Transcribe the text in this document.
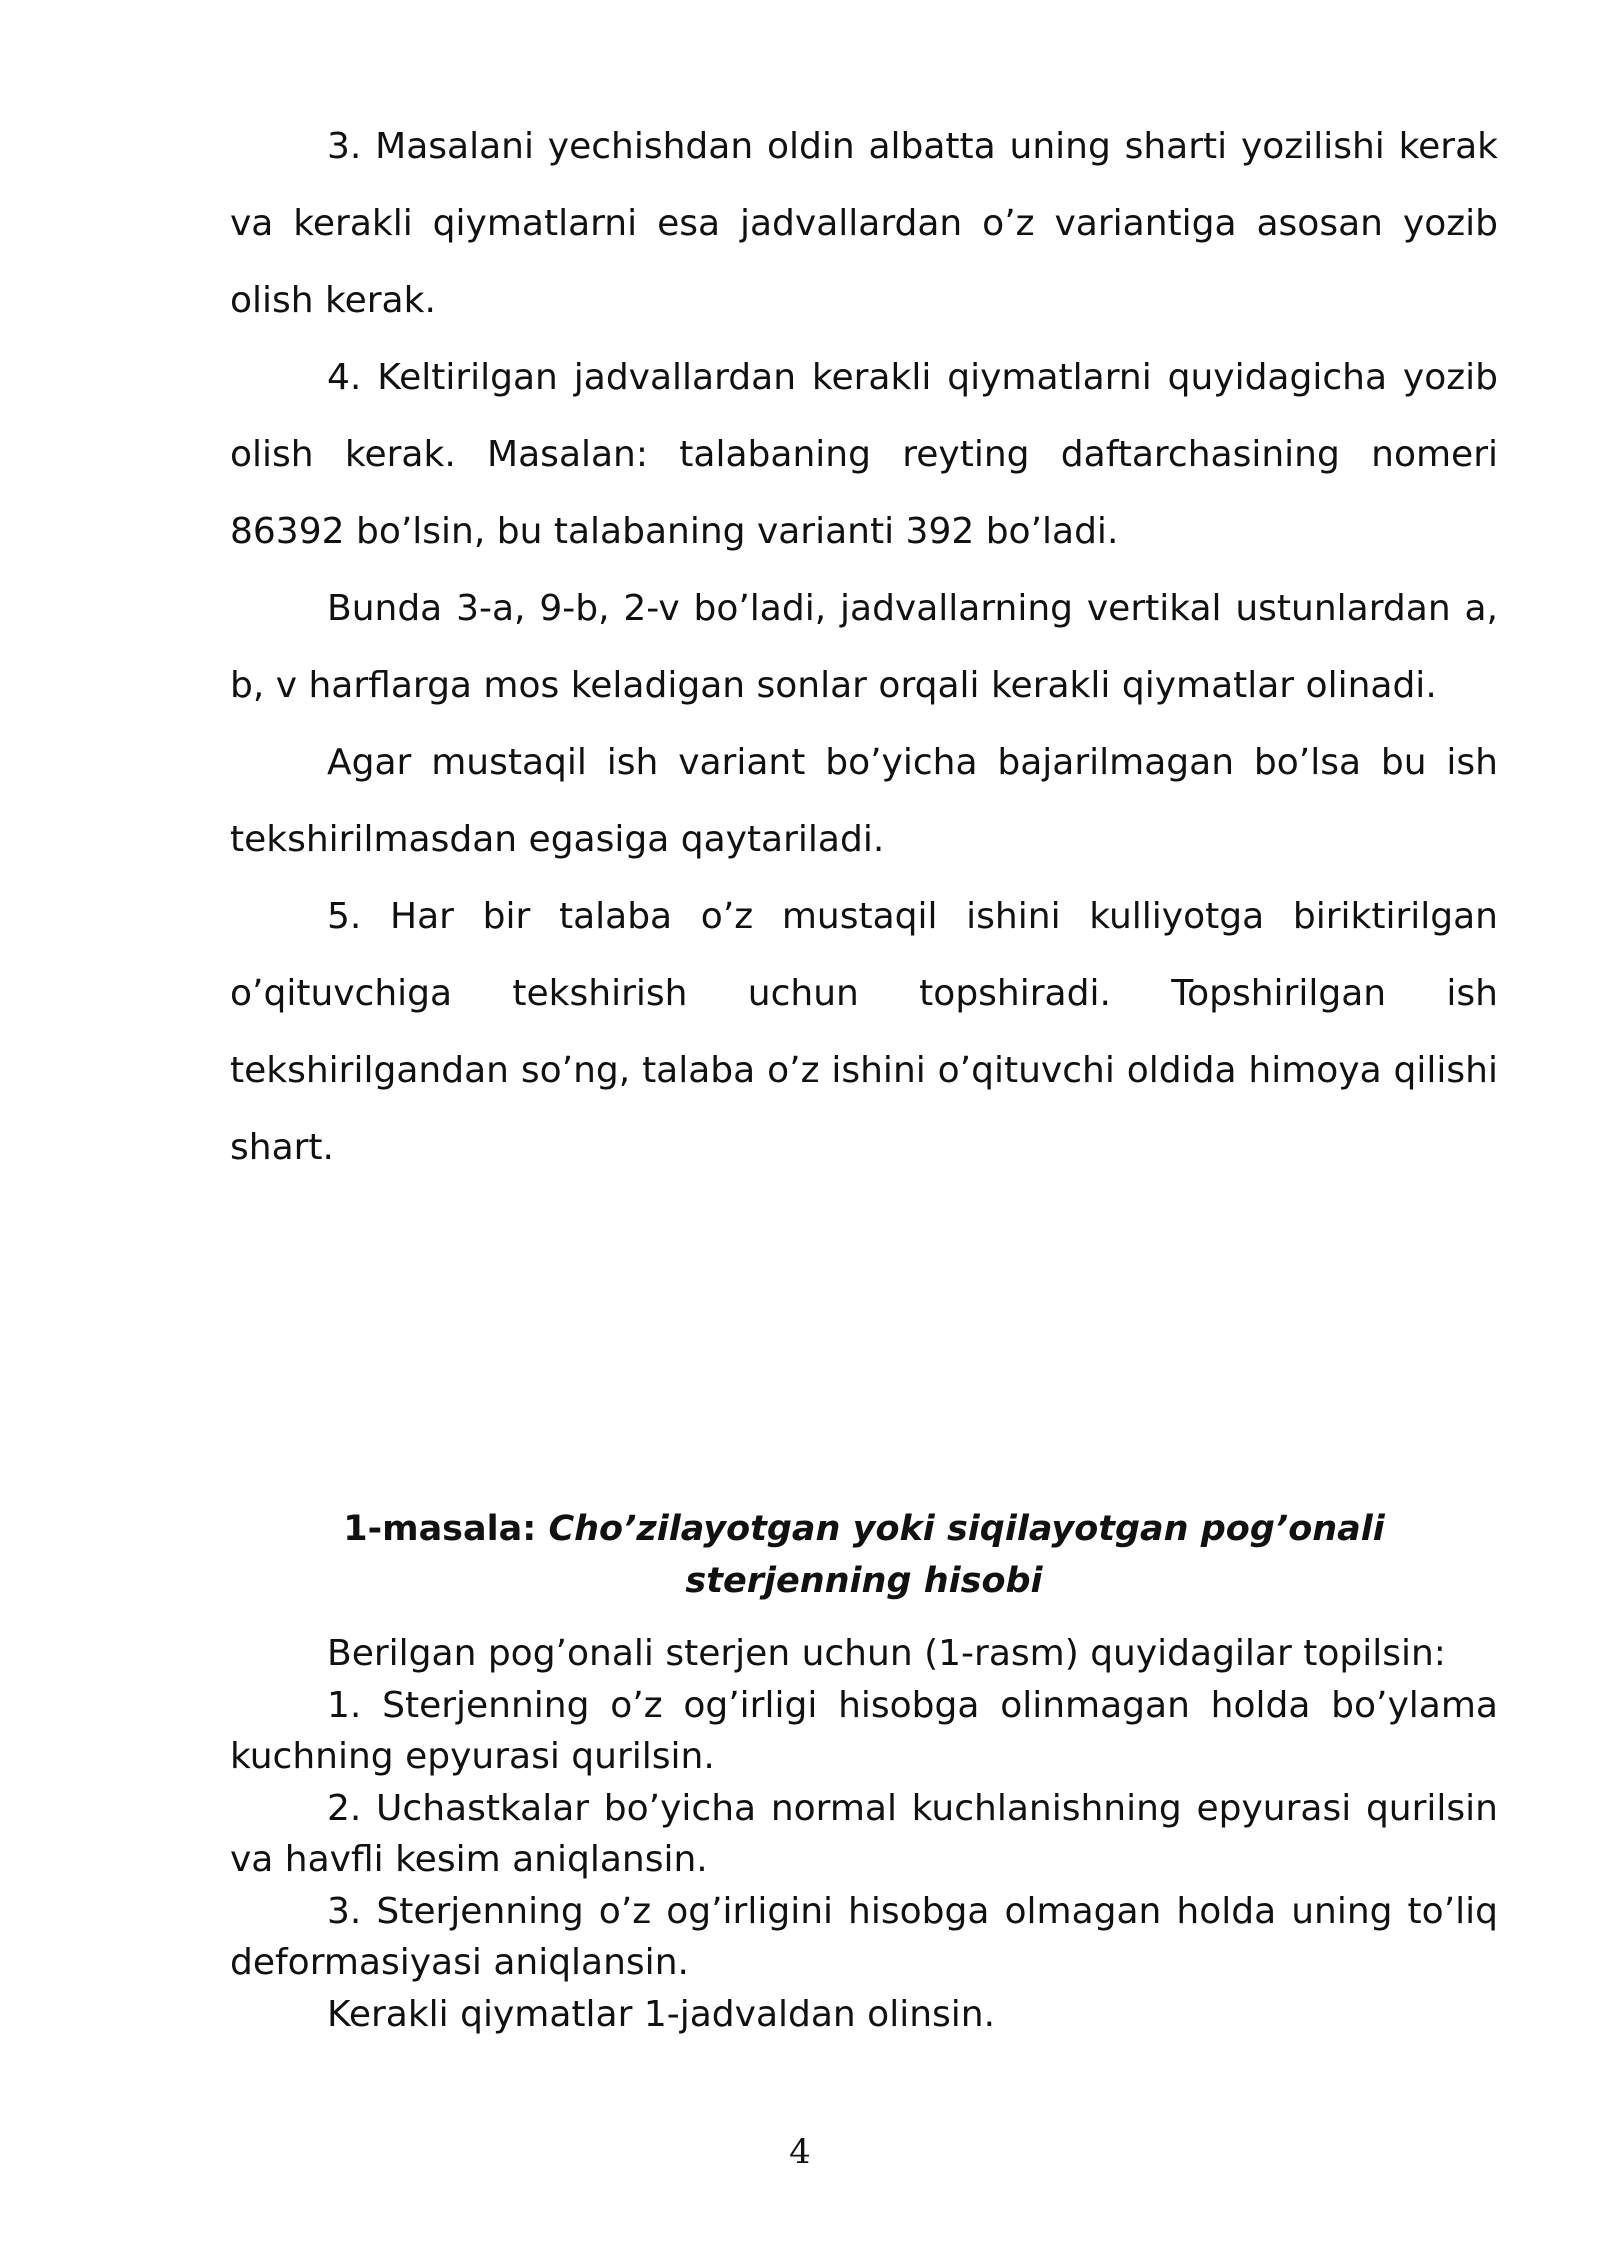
3. Masalani yechishdan oldin albatta uning sharti yozilishi kerak va kerakli qiymatlarni esa jadvallardan o’z variantiga asosan yozib olish kerak.

4. Keltirilgan jadvallardan kerakli qiymatlarni quyidagicha yozib olish kerak. Masalan: talabaning reyting daftarchasining nomeri 86392 bo’lsin, bu talabaning varianti 392 bo’ladi.

Bunda 3-a, 9-b, 2-v bo’ladi, jadvallarning vertikal ustunlardan a, b, v harflarga mos keladigan sonlar orqali kerakli qiymatlar olinadi.

Agar mustaqil ish variant bo’yicha bajarilmagan bo’lsa bu ish tekshirilmasdan egasiga qaytariladi.

5. Har bir talaba o’z mustaqil ishini kulliyotga biriktirilgan o’qituvchiga tekshirish uchun topshiradi. Topshirilgan ish tekshirilgandan so’ng, talaba o’z ishini o’qituvchi oldida himoya qilishi shart.

1-masala: Cho’zilayotgan yoki siqilayotgan pog’onali sterjenning hisobi

Berilgan pog’onali sterjen uchun (1-rasm) quyidagilar topilsin:

1. Sterjenning o’z og’irligi hisobga olinmagan holda bo’ylama kuchning epyurasi qurilsin.

2. Uchastkalar bo’yicha normal kuchlanishning epyurasi qurilsin va havfli kesim aniqlansin.

3. Sterjenning o’z og’irligini hisobga olmagan holda uning to’liq deformasiyasi aniqlansin.

Kerakli qiymatlar 1-jadvaldan olinsin.

4
